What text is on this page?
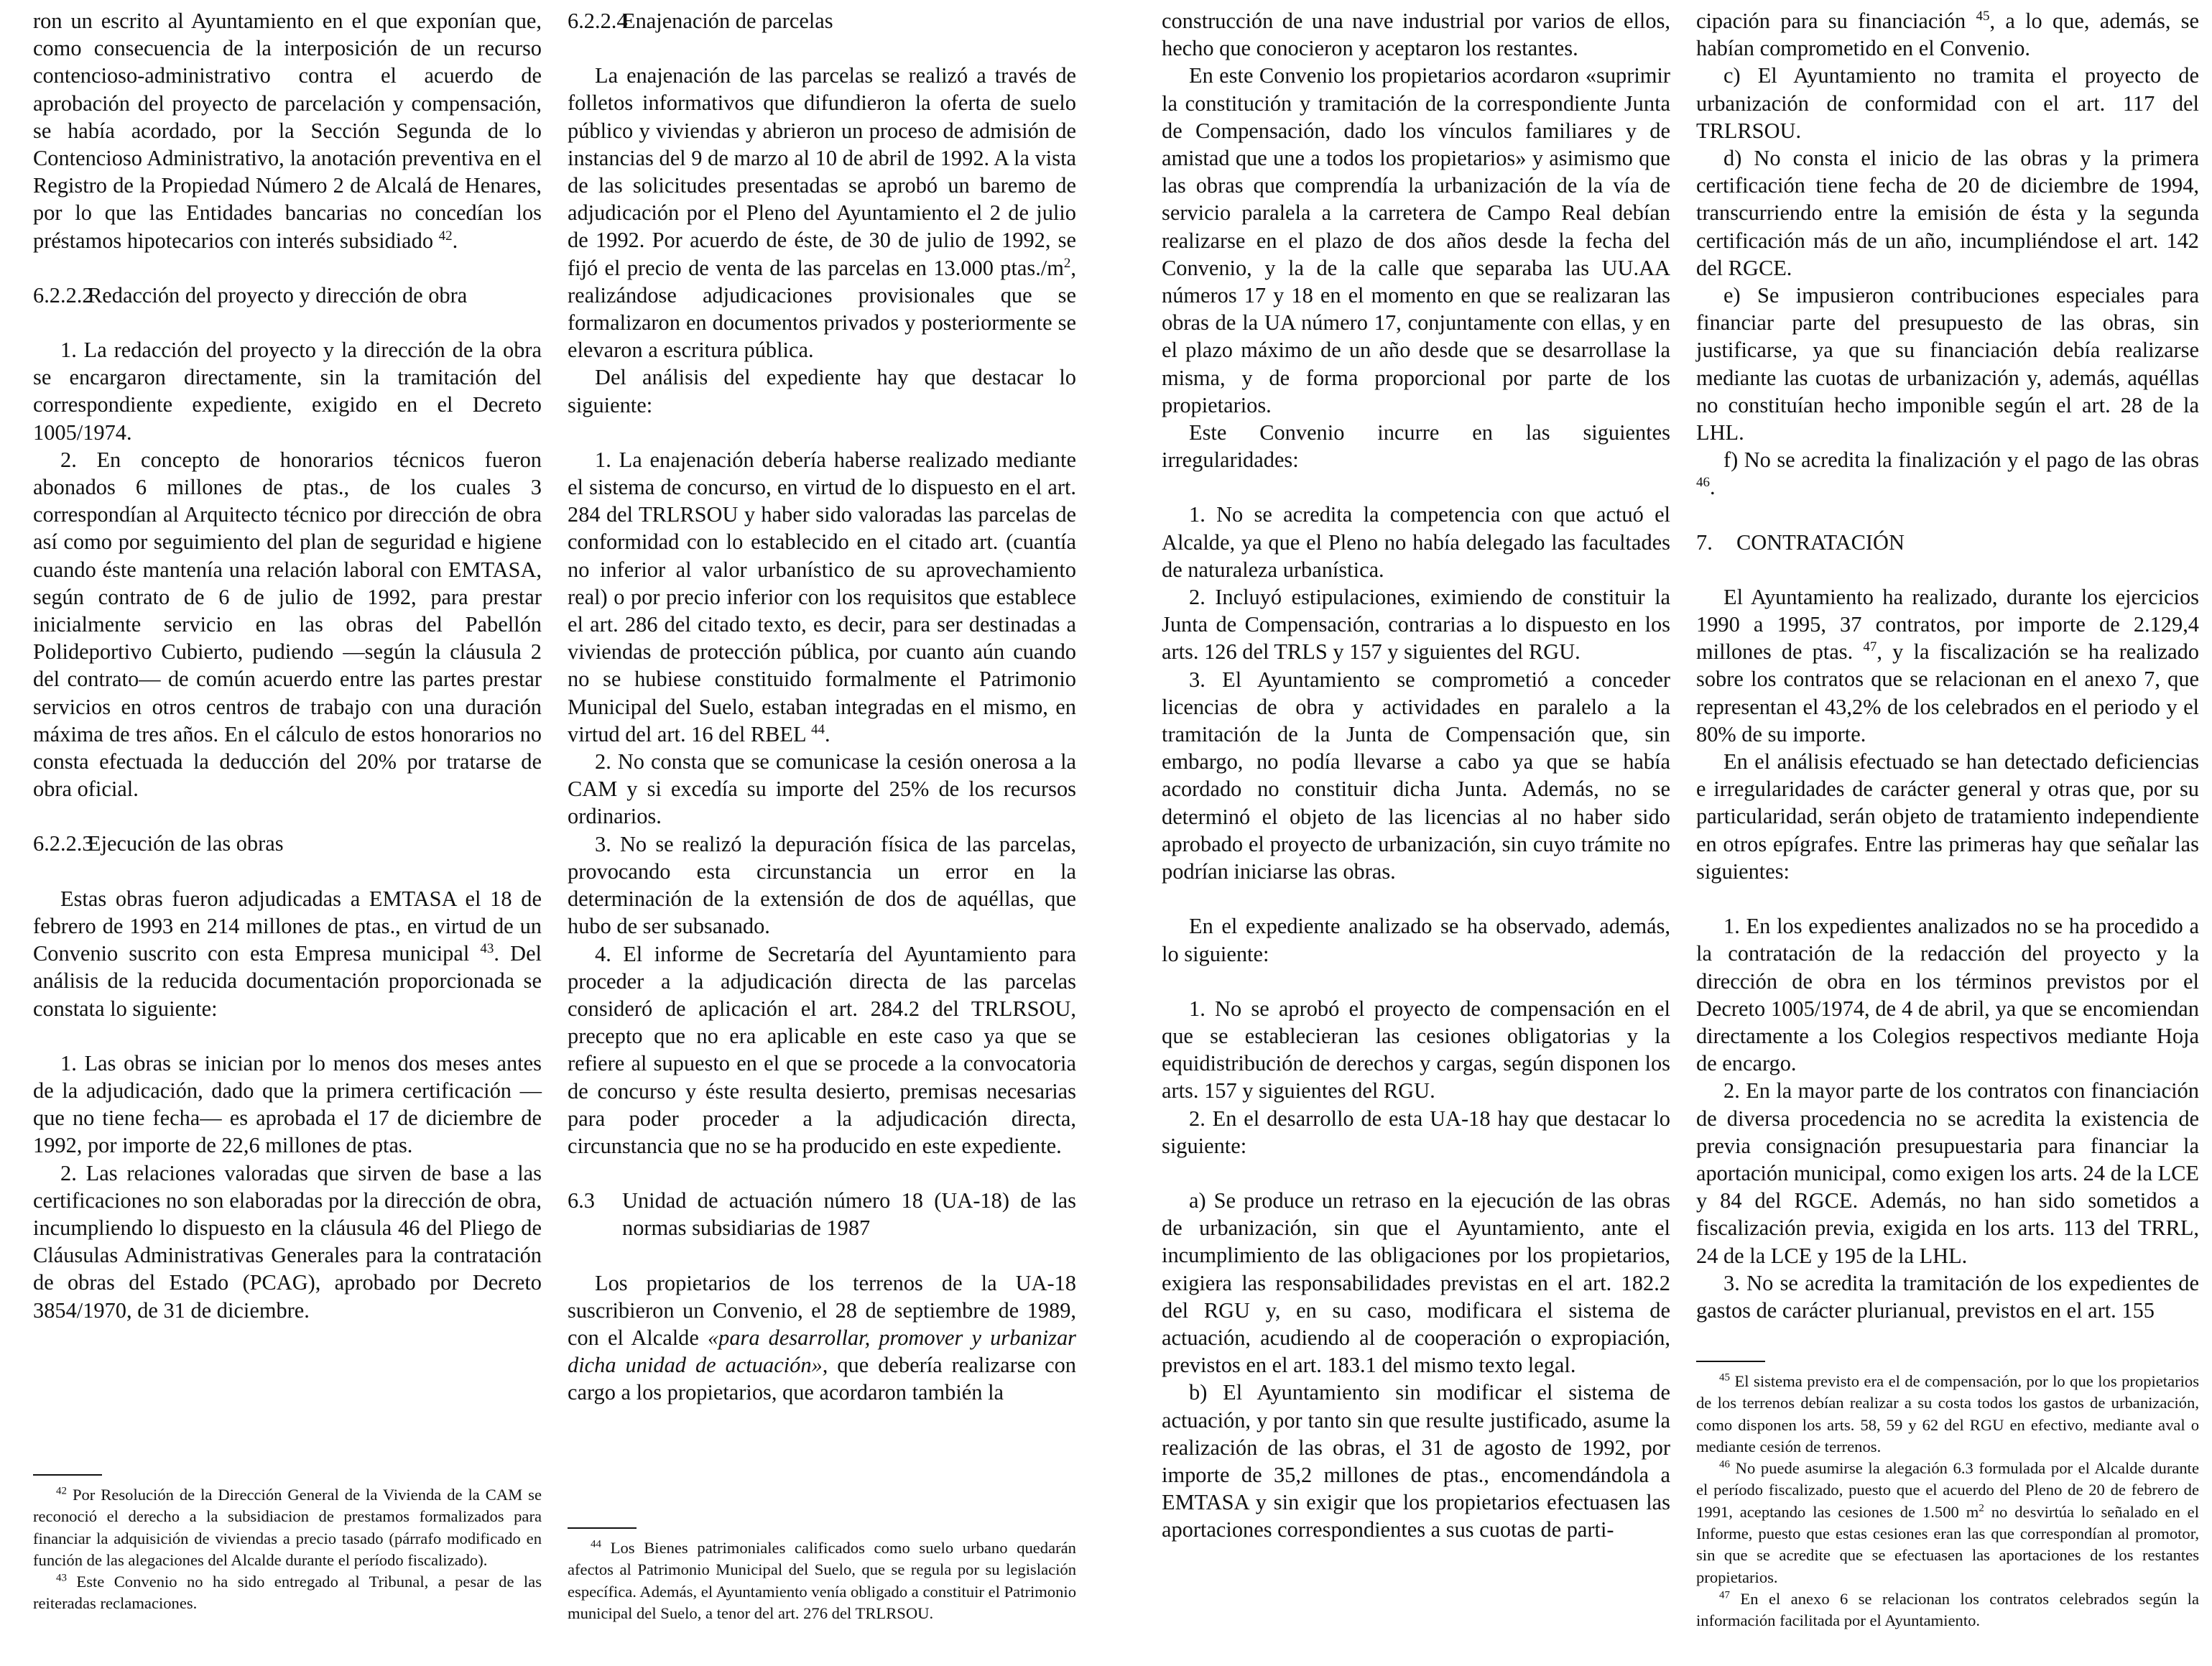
ron un escrito al Ayuntamiento en el que exponían que, como consecuencia de la interposición de un recurso contencioso-administrativo contra el acuerdo de aprobación del proyecto de parcelación y compensación, se había acordado, por la Sección Segunda de lo Contencioso Administrativo, la anotación preventiva en el Registro de la Propiedad Número 2 de Alcalá de Henares, por lo que las Entidades bancarias no concedían los préstamos hipotecarios con interés subsidiado $^{42}$.

6.2.2.2
Redacción del proyecto y dirección de obra

1. La redacción del proyecto y la dirección de la obra se encargaron directamente, sin la tramitación del correspondiente expediente, exigido en el Decreto 1005/1974.

2. En concepto de honorarios técnicos fueron abonados 6 millones de ptas., de los cuales 3 correspondían al Arquitecto técnico por dirección de obra así como por seguimiento del plan de seguridad e higiene cuando éste mantenía una relación laboral con EMTASA, según contrato de 6 de julio de 1992, para prestar inicialmente servicio en las obras del Pabellón Polideportivo Cubierto, pudiendo —según la cláusula 2 del contrato— de común acuerdo entre las partes prestar servicios en otros centros de trabajo con una duración máxima de tres años. En el cálculo de estos honorarios no consta efectuada la deducción del 20% por tratarse de obra oficial.

6.2.2.3
Ejecución de las obras

Estas obras fueron adjudicadas a EMTASA el 18 de febrero de 1993 en 214 millones de ptas., en virtud de un Convenio suscrito con esta Empresa municipal $^{43}$. Del análisis de la reducida documentación proporcionada se constata lo siguiente:

1. Las obras se inician por lo menos dos meses antes de la adjudicación, dado que la primera certificación —que no tiene fecha— es aprobada el 17 de diciembre de 1992, por importe de 22,6 millones de ptas.

2. Las relaciones valoradas que sirven de base a las certificaciones no son elaboradas por la dirección de obra, incumpliendo lo dispuesto en la cláusula 46 del Pliego de Cláusulas Administrativas Generales para la contratación de obras del Estado (PCAG), aprobado por Decreto 3854/1970, de 31 de diciembre.

$^{42}$ Por Resolución de la Dirección General de la Vivienda de la CAM se reconoció el derecho a la subsidiacion de prestamos formalizados para financiar la adquisición de viviendas a precio tasado (párrafo modificado en función de las alegaciones del Alcalde durante el período fiscalizado).

$^{43}$ Este Convenio no ha sido entregado al Tribunal, a pesar de las reiteradas reclamaciones.

6.2.2.4
Enajenación de parcelas

La enajenación de las parcelas se realizó a través de folletos informativos que difundieron la oferta de suelo público y viviendas y abrieron un proceso de admisión de instancias del 9 de marzo al 10 de abril de 1992. A la vista de las solicitudes presentadas se aprobó un baremo de adjudicación por el Pleno del Ayuntamiento el 2 de julio de 1992. Por acuerdo de éste, de 30 de julio de 1992, se fijó el precio de venta de las parcelas en 13.000 $ptas./m^2$, realizándose adjudicaciones provisionales que se formalizaron en documentos privados y posteriormente se elevaron a escritura pública.

Del análisis del expediente hay que destacar lo siguiente:

1. La enajenación debería haberse realizado mediante el sistema de concurso, en virtud de lo dispuesto en el art. 284 del TRLRSOU y haber sido valoradas las parcelas de conformidad con lo establecido en el citado art. (cuantía no inferior al valor urbanístico de su aprovechamiento real) o por precio inferior con los requisitos que establece el art. 286 del citado texto, es decir, para ser destinadas a viviendas de protección pública, por cuanto aún cuando no se hubiese constituido formalmente el Patrimonio Municipal del Suelo, estaban integradas en el mismo, en virtud del art. 16 del RBEL $^{44}$.

2. No consta que se comunicase la cesión onerosa a la CAM y si excedía su importe del 25% de los recursos ordinarios.

3. No se realizó la depuración física de las parcelas, provocando esta circunstancia un error en la determinación de la extensión de dos de aquéllas, que hubo de ser subsanado.

4. El informe de Secretaría del Ayuntamiento para proceder a la adjudicación directa de las parcelas consideró de aplicación el art. 284.2 del TRLRSOU, precepto que no era aplicable en este caso ya que se refiere al supuesto en el que se procede a la convocatoria de concurso y éste resulta desierto, premisas necesarias para poder proceder a la adjudicación directa, circunstancia que no se ha producido en este expediente.

6.3	Unidad de actuación número 18 (UA-18) de las normas subsidiarias de 1987

Los propietarios de los terrenos de la UA-18 suscribieron un Convenio, el 28 de septiembre de 1989, con el Alcalde «para desarrollar, promover y urbanizar dicha unidad de actuación», que debería realizarse con cargo a los propietarios, que acordaron también la

$^{44}$ Los Bienes patrimoniales calificados como suelo urbano quedarán afectos al Patrimonio Municipal del Suelo, que se regula por su legislación específica. Además, el Ayuntamiento venía obligado a constituir el Patrimonio municipal del Suelo, a tenor del art. 276 del TRLRSOU.

construcción de una nave industrial por varios de ellos, hecho que conocieron y aceptaron los restantes.

En este Convenio los propietarios acordaron «suprimir la constitución y tramitación de la correspondiente Junta de Compensación, dado los vínculos familiares y de amistad que une a todos los propietarios» y asimismo que las obras que comprendía la urbanización de la vía de servicio paralela a la carretera de Campo Real debían realizarse en el plazo de dos años desde la fecha del Convenio, y la de la calle que separaba las UU.AA números 17 y 18 en el momento en que se realizaran las obras de la UA número 17, conjuntamente con ellas, y en el plazo máximo de un año desde que se desarrollase la misma, y de forma proporcional por parte de los propietarios.

Este Convenio incurre en las siguientes irregularidades:

1. No se acredita la competencia con que actuó el Alcalde, ya que el Pleno no había delegado las facultades de naturaleza urbanística.

2. Incluyó estipulaciones, eximiendo de constituir la Junta de Compensación, contrarias a lo dispuesto en los arts. 126 del TRLS y 157 y siguientes del RGU.

3. El Ayuntamiento se comprometió a conceder licencias de obra y actividades en paralelo a la tramitación de la Junta de Compensación que, sin embargo, no podía llevarse a cabo ya que se había acordado no constituir dicha Junta. Además, no se determinó el objeto de las licencias al no haber sido aprobado el proyecto de urbanización, sin cuyo trámite no podrían iniciarse las obras.

En el expediente analizado se ha observado, además, lo siguiente:

1. No se aprobó el proyecto de compensación en el que se establecieran las cesiones obligatorias y la equidistribución de derechos y cargas, según disponen los arts. 157 y siguientes del RGU.

2. En el desarrollo de esta UA-18 hay que destacar lo siguiente:

a) Se produce un retraso en la ejecución de las obras de urbanización, sin que el Ayuntamiento, ante el incumplimiento de las obligaciones por los propietarios, exigiera las responsabilidades previstas en el art. 182.2 del RGU y, en su caso, modificara el sistema de actuación, acudiendo al de cooperación o expropiación, previstos en el art. 183.1 del mismo texto legal.

b) El Ayuntamiento sin modificar el sistema de actuación, y por tanto sin que resulte justificado, asume la realización de las obras, el 31 de agosto de 1992, por importe de 35,2 millones de ptas., encomendándola a EMTASA y sin exigir que los propietarios efectuasen las aportaciones correspondientes a sus cuotas de parti-

cipación para su financiación $^{45}$, a lo que, además, se habían comprometido en el Convenio.

c) El Ayuntamiento no tramita el proyecto de urbanización de conformidad con el art. 117 del TRLRSOU.

d) No consta el inicio de las obras y la primera certificación tiene fecha de 20 de diciembre de 1994, transcurriendo entre la emisión de ésta y la segunda certificación más de un año, incumpliéndose el art. 142 del RGCE.

e) Se impusieron contribuciones especiales para financiar parte del presupuesto de las obras, sin justificarse, ya que su financiación debía realizarse mediante las cuotas de urbanización y, además, aquéllas no constituían hecho imponible según el art. 28 de la LHL.

f) No se acredita la finalización y el pago de las obras $^{46}$.

7.	CONTRATACIÓN

El Ayuntamiento ha realizado, durante los ejercicios 1990 a 1995, 37 contratos, por importe de 2.129,4 millones de ptas. $^{47}$, y la fiscalización se ha realizado sobre los contratos que se relacionan en el anexo 7, que representan el 43,2% de los celebrados en el periodo y el 80% de su importe.

En el análisis efectuado se han detectado deficiencias e irregularidades de carácter general y otras que, por su particularidad, serán objeto de tratamiento independiente en otros epígrafes. Entre las primeras hay que señalar las siguientes:

1. En los expedientes analizados no se ha procedido a la contratación de la redacción del proyecto y la dirección de obra en los términos previstos por el Decreto 1005/1974, de 4 de abril, ya que se encomiendan directamente a los Colegios respectivos mediante Hoja de encargo.

2. En la mayor parte de los contratos con financiación de diversa procedencia no se acredita la existencia de previa consignación presupuestaria para financiar la aportación municipal, como exigen los arts. 24 de la LCE y 84 del RGCE. Además, no han sido sometidos a fiscalización previa, exigida en los arts. 113 del TRRL, 24 de la LCE y 195 de la LHL.

3. No se acredita la tramitación de los expedientes de gastos de carácter plurianual, previstos en el art. 155

$^{45}$ El sistema previsto era el de compensación, por lo que los propietarios de los terrenos debían realizar a su costa todos los gastos de urbanización, como disponen los arts. 58, 59 y 62 del RGU en efectivo, mediante aval o mediante cesión de terrenos.

$^{46}$ No puede asumirse la alegación 6.3 formulada por el Alcalde durante el período fiscalizado, puesto que el acuerdo del Pleno de 20 de febrero de 1991, aceptando las cesiones de 1.500 $m^2$ no desvirtúa lo señalado en el Informe, puesto que estas cesiones eran las que correspondían al promotor, sin que se acredite que se efectuasen las aportaciones de los restantes propietarios.

$^{47}$ En el anexo 6 se relacionan los contratos celebrados según la información facilitada por el Ayuntamiento.
